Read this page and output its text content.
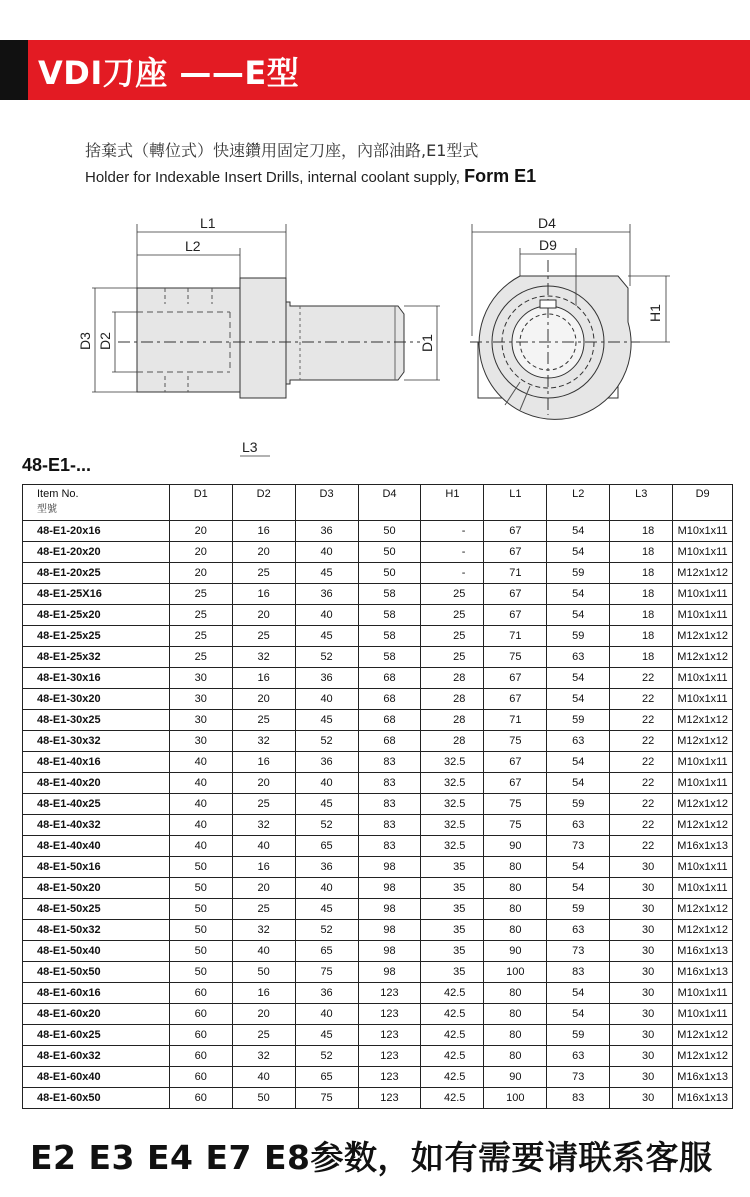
VDI刀座 ——E型
捨棄式（轉位式）快速鑽用固定刀座，內部油路,E1型式
Holder for Indexable Insert Drills, internal coolant supply, Form E1
L1
L2
D3 D2	D1
L3
D4
D9
H1
48-E1-...
Item No.
型號	D1	D2	D3	D4	H1	L1	L2	L3	D9
48-E1-20x16	20	16	36	50	-	67	54	18	M10x1x11
48-E1-20x20	20	20	40	50	-	67	54	18	M10x1x11
48-E1-20x25	20	25	45	50	-	71	59	18	M12x1x12
48-E1-25X16	25	16	36	58	25	67	54	18	M10x1x11
48-E1-25x20	25	20	40	58	25	67	54	18	M10x1x11
48-E1-25x25	25	25	45	58	25	71	59	18	M12x1x12
48-E1-25x32	25	32	52	58	25	75	63	18	M12x1x12
48-E1-30x16	30	16	36	68	28	67	54	22	M10x1x11
48-E1-30x20	30	20	40	68	28	67	54	22	M10x1x11
48-E1-30x25	30	25	45	68	28	71	59	22	M12x1x12
48-E1-30x32	30	32	52	68	28	75	63	22	M12x1x12
48-E1-40x16	40	16	36	83	32.5	67	54	22	M10x1x11
48-E1-40x20	40	20	40	83	32.5	67	54	22	M10x1x11
48-E1-40x25	40	25	45	83	32.5	75	59	22	M12x1x12
48-E1-40x32	40	32	52	83	32.5	75	63	22	M12x1x12
48-E1-40x40	40	40	65	83	32.5	90	73	22	M16x1x13
48-E1-50x16	50	16	36	98	35	80	54	30	M10x1x11
48-E1-50x20	50	20	40	98	35	80	54	30	M10x1x11
48-E1-50x25	50	25	45	98	35	80	59	30	M12x1x12
48-E1-50x32	50	32	52	98	35	80	63	30	M12x1x12
48-E1-50x40	50	40	65	98	35	90	73	30	M16x1x13
48-E1-50x50	50	50	75	98	35	100	83	30	M16x1x13
48-E1-60x16	60	16	36	123	42.5	80	54	30	M10x1x11
48-E1-60x20	60	20	40	123	42.5	80	54	30	M10x1x11
48-E1-60x25	60	25	45	123	42.5	80	59	30	M12x1x12
48-E1-60x32	60	32	52	123	42.5	80	63	30	M12x1x12
48-E1-60x40	60	40	65	123	42.5	90	73	30	M16x1x13
48-E1-60x50	60	50	75	123	42.5	100	83	30	M16x1x13
E2 E3 E4 E7 E8参数，如有需要请联系客服
